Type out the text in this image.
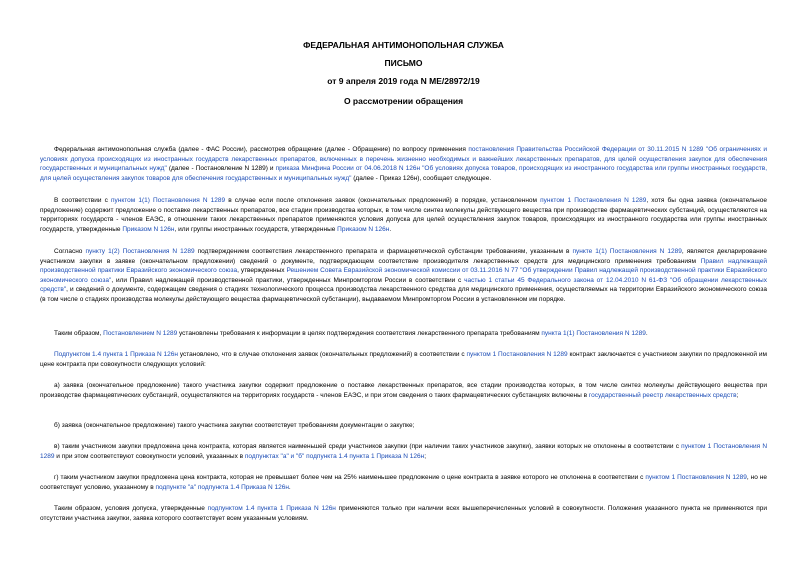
ФЕДЕРАЛЬНАЯ АНТИМОНОПОЛЬНАЯ СЛУЖБА
ПИСЬМО
от 9 апреля 2019 года N МЕ/28972/19
О рассмотрении обращения

Федеральная антимонопольная служба (далее - ФАС России), рассмотрев обращение (далее - Обращение) по вопросу применения постановления Правительства Российской Федерации от 30.11.2015 N 1289 "Об ограничениях и условиях допуска происходящих из иностранных государств лекарственных препаратов, включенных в перечень жизненно необходимых и важнейших лекарственных препаратов, для целей осуществления закупок для обеспечения государственных и муниципальных нужд" (далее - Постановление N 1289) и приказа Минфина России от 04.06.2018 N 126н "Об условиях допуска товаров, происходящих из иностранного государства или группы иностранных государств, для целей осуществления закупок товаров для обеспечения государственных и муниципальных нужд" (далее - Приказ 126н), сообщает следующее.

В соответствии с пунктом 1(1) Постановления N 1289 в случае если после отклонения заявок (окончательных предложений) в порядке, установленном пунктом 1 Постановления N 1289, хотя бы одна заявка (окончательное предложение) содержит предложение о поставке лекарственных препаратов, все стадии производства которых, в том числе синтез молекулы действующего вещества при производстве фармацевтических субстанций, осуществляются на территориях государств - членов ЕАЭС, в отношении таких лекарственных препаратов применяются условия допуска для целей осуществления закупок товаров, происходящих из иностранного государства или группы иностранных государств, утвержденные Приказом N 126н, или группы иностранных государств, утвержденные Приказом N 126н.

Согласно пункту 1(2) Постановления N 1289 подтверждением соответствия лекарственного препарата и фармацевтической субстанции требованиям, указанным в пункте 1(1) Постановления N 1289, является декларирование участником закупки в заявке (окончательном предложении) сведений о документе, подтверждающем соответствие производителя лекарственных средств для медицинского применения требованиям Правил надлежащей производственной практики Евразийского экономического союза, утвержденных Решением Совета Евразийской экономической комиссии от 03.11.2016 N 77 "Об утверждении Правил надлежащей производственной практики Евразийского экономического союза", или Правил надлежащей производственной практики, утвержденных Минпромторгом России в соответствии с частью 1 статьи 45 Федерального закона от 12.04.2010 N 61-ФЗ "Об обращении лекарственных средств", и сведений о документе, содержащем сведения о стадиях технологического процесса производства лекарственного средства для медицинского применения, осуществляемых на территории Евразийского экономического союза (в том числе о стадиях производства молекулы действующего вещества фармацевтической субстанции), выдаваемом Минпромторгом России в установленном им порядке.

Таким образом, Постановлением N 1289 установлены требования к информации в целях подтверждения соответствия лекарственного препарата требованиям пункта 1(1) Постановления N 1289.

Подпунктом 1.4 пункта 1 Приказа N 126н установлено, что в случае отклонения заявок (окончательных предложений) в соответствии с пунктом 1 Постановления N 1289 контракт заключается с участником закупки по предложенной им цене контракта при совокупности следующих условий:

а) заявка (окончательное предложение) такого участника закупки содержит предложение о поставке лекарственных препаратов, все стадии производства которых, в том числе синтез молекулы действующего вещества при производстве фармацевтических субстанций, осуществляются на территориях государств - членов ЕАЭС, и при этом сведения о таких фармацевтических субстанциях включены в государственный реестр лекарственных средств;

б) заявка (окончательное предложение) такого участника закупки соответствует требованиям документации о закупке;

в) таким участником закупки предложена цена контракта, которая является наименьшей среди участников закупки (при наличии таких участников закупки), заявки которых не отклонены в соответствии с пунктом 1 Постановления N 1289 и при этом соответствуют совокупности условий, указанных в подпунктах "а" и "б" подпункта 1.4 пункта 1 Приказа N 126н;

г) таким участником закупки предложена цена контракта, которая не превышает более чем на 25% наименьшее предложение о цене контракта в заявке которого не отклонена в соответствии с пунктом 1 Постановления N 1289, но не соответствует условию, указанному в подпункте "а" подпункта 1.4 Приказа N 126н.

Таким образом, условия допуска, утвержденные подпунктом 1.4 пункта 1 Приказа N 126н применяются только при наличии всех вышеперечисленных условий в совокупности. Положения указанного пункта не применяются при отсутствии участника закупки, заявка которого соответствует всем указанным условиям.
